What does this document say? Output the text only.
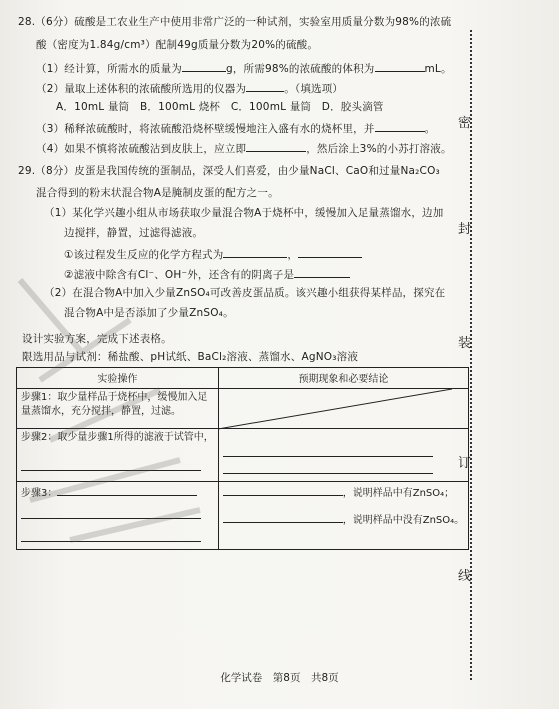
28.（6分）硫酸是工农业生产中使用非常广泛的一种试剂，实验室用质量分数为98%的浓硫
酸（密度为1.84g/cm³）配制49g质量分数为20%的硫酸。
（1）经计算，所需水的质量为	g，所需98%的浓硫酸的体积为	mL。
（2）量取上述体积的浓硫酸所选用的仪器为	。（填选项）
A．10mL 量筒　B．100mL 烧杯　C．100mL 量筒　D．胶头滴管
（3）稀释浓硫酸时，将浓硫酸沿烧杯壁缓慢地注入盛有水的烧杯里，并	。
（4）如果不慎将浓硫酸沾到皮肤上，应立即	，然后涂上3%的小苏打溶液。
29.（8分）皮蛋是我国传统的蛋制品，深受人们喜爱，由少量NaCl、CaO和过量Na₂CO₃
混合得到的粉末状混合物A是腌制皮蛋的配方之一。
（1）某化学兴趣小组从市场获取少量混合物A于烧杯中，缓慢加入足量蒸馏水，边加
边搅拌，静置，过滤得滤液。
①该过程发生反应的化学方程式为	，
②滤液中除含有Cl⁻、OH⁻外，还含有的阴离子是
（2）在混合物A中加入少量ZnSO₄可改善皮蛋品质。该兴趣小组获得某样品，探究在
混合物A中是否添加了少量ZnSO₄。
设计实验方案，完成下述表格。
限选用品与试剂：稀盐酸、pH试纸、BaCl₂溶液、蒸馏水、AgNO₃溶液
实验操作	预期现象和必要结论

步骤1：取少量样品于烧杯中，缓慢加入足
量蒸馏水，充分搅拌，静置，过滤。	

步骤2：取少量步骤1所得的滤液于试管中，	

步骤3：	，说明样品中有ZnSO₄；
，说明样品中没有ZnSO₄。
密
封
装
订
线
化学试卷　第8页　共8页
